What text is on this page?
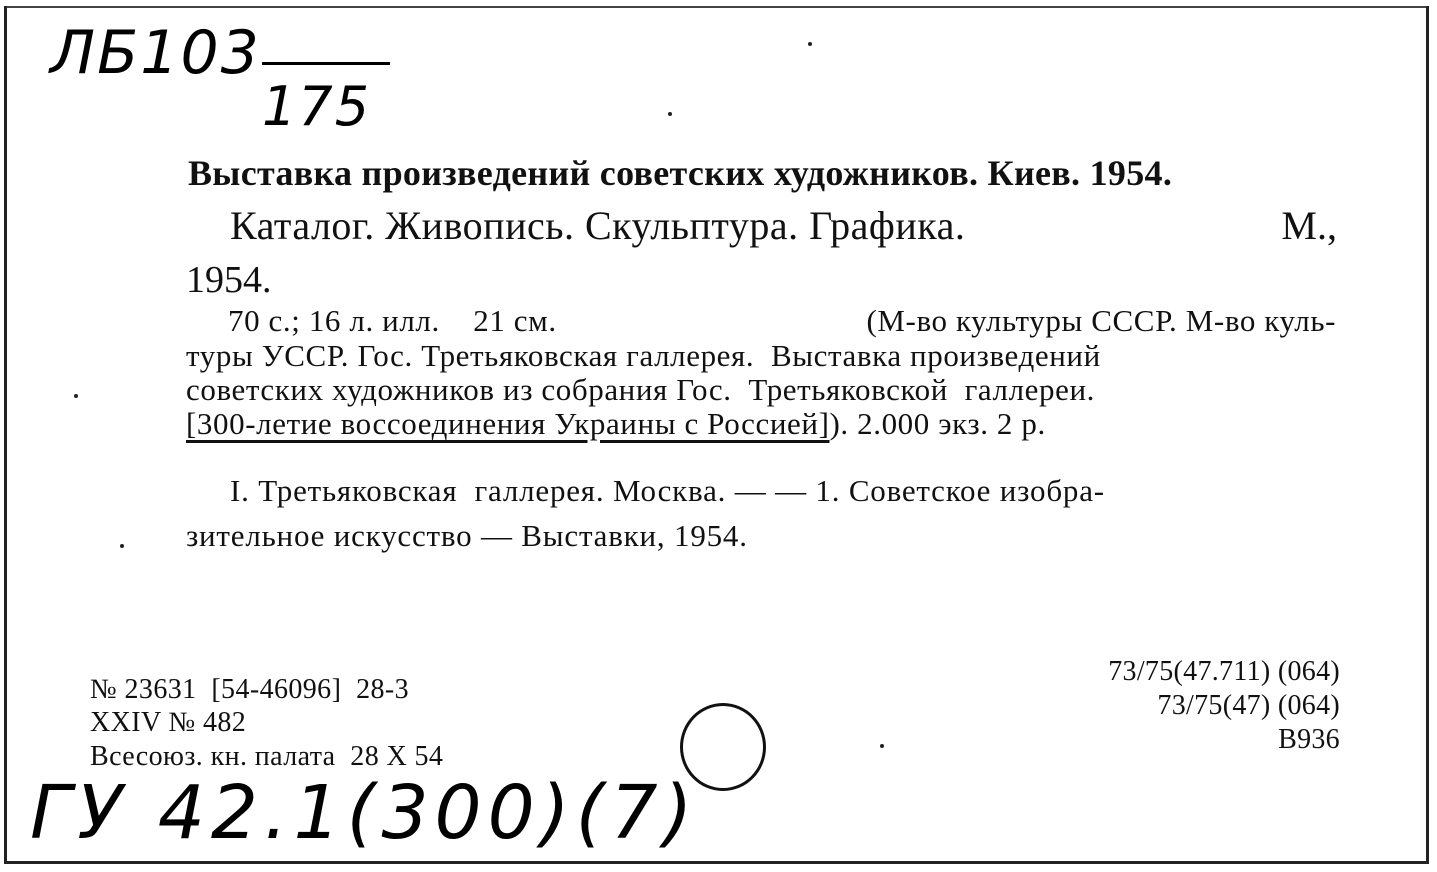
ЛБ103
175
Выставка произведений советских художников. Киев. 1954.
Каталог. Живопись. Скульптура. Графика.	М.,
1954.
70 с.; 16 л. илл.    21 см.	(М-во культуры СССР. М-во куль-
туры УССР. Гос. Третьяковская галлерея.  Выставка произведений
советских художников из собрания Гос.  Третьяковской  галлереи.
[300-летие воссоединения Украины с Россией]). 2.000 экз. 2 р.
I. Третьяковская  галлерея. Москва. — — 1. Советское изобра-
зительное искусство — Выставки, 1954.
№ 23631  [54-46096]  28-3
XXIV № 482
Всесоюз. кн. палата  28 X 54
73/75(47.711) (064)
73/75(47) (064)
В936
ГУ 42.1(300)(7)
